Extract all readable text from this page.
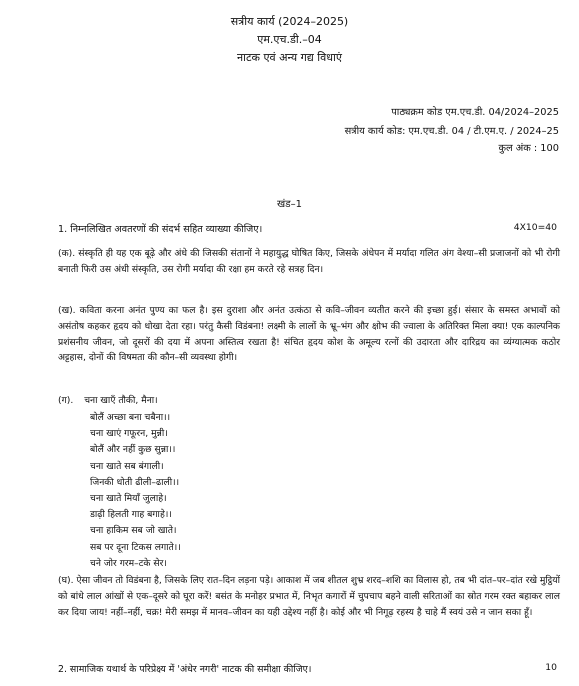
सत्रीय कार्य (2024–2025)
एम.एच.डी.–04
नाटक एवं अन्य गद्य विधाएं
पाठ्यक्रम कोड एम.एच.डी. 04/2024–2025
सत्रीय कार्य कोड: एम.एच.डी. 04 / टी.एम.ए. / 2024–25
कुल अंक : 100
खंड–1
1. निम्नलिखित अवतरणों की संदर्भ सहित व्याख्या कीजिए।	4X10=40
(क). संस्कृति ही यह एक बूढ़े और अंधे की जिसकी संतानों ने महायुद्ध घोषित किए, जिसके अंधेपन में मर्यादा गलित अंग वेश्या–सी प्रजाजनों को भी रोगी बनाती फिरी उस अंधी संस्कृति, उस रोगी मर्यादा की रक्षा हम करते रहे सत्रह दिन।
(ख). कविता करना अनंत पुण्य का फल है। इस दुराशा और अनंत उत्कंठा से कवि–जीवन व्यतीत करने की इच्छा हुई। संसार के समस्त अभावों को असंतोष कहकर हृदय को धोखा देता रहा। परंतु कैसी विडंबना! लक्ष्मी के लालों के भ्रू–भंग और क्षोभ की ज्वाला के अतिरिक्त मिला क्या! एक काल्पनिक प्रशंसनीय जीवन, जो दूसरों की दया में अपना अस्तित्व रखता है! संचित हृदय कोश के अमूल्य रत्नों की उदारता और दारिद्रय का व्यंग्यात्मक कठोर अट्टहास, दोनों की विषमता की कौन–सी व्यवस्था होगी।
(ग). चना खाएँ तौकी, मैना।
बोलैं अच्छा बना चबैना।।
चना खाएं गफूरन, मुन्नी।
बोलैं और नहीं कुछ सुन्ना।।
चना खाते सब बंगाली।
जिनकी धोती ढीली–ढाली।।
चना खाते मियाँ जुलाहे।
डाढ़ी हिलती गाह बगाहे।।
चना हाकिम सब जो खाते।
सब पर दूना टिकस लगाते।।
चने जोर गरम–टके सेर।
(घ). ऐसा जीवन तो विडंबना है, जिसके लिए रात–दिन लड़ना पड़े। आकाश में जब शीतल शुभ्र शरद–शशि का विलास हो, तब भी दांत–पर–दांत रखे मुट्ठियों को बांधे लाल आंखों से एक–दूसरे को घूरा करें! बसंत के मनोहर प्रभात में, निभृत कगारों में चुपचाप बहने वाली सरिताओं का स्रोत गरम रक्त बहाकर लाल कर दिया जाय! नहीं–नहीं, चक्र! मेरी समझ में मानव–जीवन का यही उद्देश्य नहीं है। कोई और भी निगूढ़ रहस्य है चाहे मैं स्वयं उसे न जान सका हूँ।
2. सामाजिक यथार्थ के परिप्रेक्ष्य में 'अंधेर नगरी' नाटक की समीक्षा कीजिए।	10
